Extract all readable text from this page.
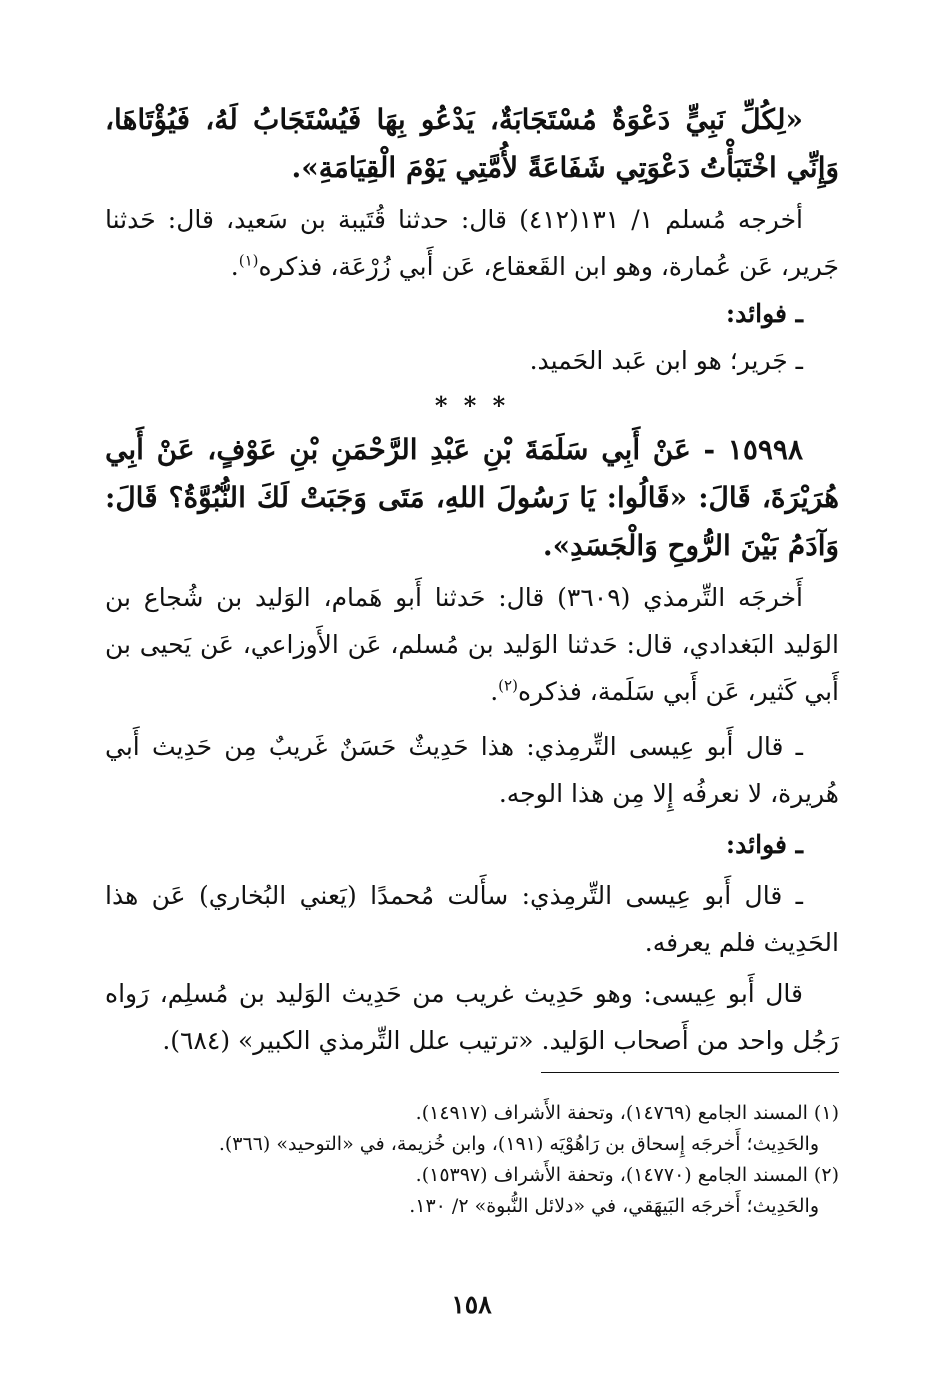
«لِكُلِّ نَبِيٍّ دَعْوَةٌ مُسْتَجَابَةٌ، يَدْعُو بِهَا فَيُسْتَجَابُ لَهُ، فَيُؤْتَاهَا، وَإِنِّي اخْتَبَأْتُ دَعْوَتِي شَفَاعَةً لأُمَّتِي يَوْمَ الْقِيَامَةِ».

أخرجه مُسلم ١/ ١٣١(٤١٢) قال: حدثنا قُتَيبة بن سَعيد، قال: حَدثنا جَرير، عَن عُمارة، وهو ابن القَعقاع، عَن أَبي زُرْعَة، فذكره$^{(١)}$.

ـ فوائد:

ـ جَرير؛ هو ابن عَبد الحَميد.

* * *

١٥٩٩٨ - عَنْ أَبِي سَلَمَةَ بْنِ عَبْدِ الرَّحْمَنِ بْنِ عَوْفٍ، عَنْ أَبِي هُرَيْرَةَ، قَالَ: «قَالُوا: يَا رَسُولَ اللهِ، مَتَى وَجَبَتْ لَكَ النُّبُوَّةُ؟ قَالَ: وَآدَمُ بَيْنَ الرُّوحِ وَالْجَسَدِ».

أَخرجَه التِّرمذي (٣٦٠٩) قال: حَدثنا أَبو هَمام، الوَليد بن شُجاع بن الوَليد البَغدادي، قال: حَدثنا الوَليد بن مُسلم، عَن الأَوزاعي، عَن يَحيى بن أَبي كَثير، عَن أَبي سَلَمة، فذكره$^{(٢)}$.

ـ قال أَبو عِيسى التِّرمِذي: هذا حَدِيثٌ حَسَنٌ غَريبٌ مِن حَدِيث أَبي هُريرة، لا نعرفُه إِلا مِن هذا الوجه.

ـ فوائد:

ـ قال أَبو عِيسى التِّرمِذي: سأَلت مُحمدًا (يَعني البُخاري) عَن هذا الحَدِيث فلم يعرفه.

قال أَبو عِيسى: وهو حَدِيث غريب من حَدِيث الوَليد بن مُسلِم، رَواه رَجُل واحد من أَصحاب الوَليد. «ترتيب علل التِّرمذي الكبير» (٦٨٤).

(١) المسند الجامع (١٤٧٦٩)، وتحفة الأَشراف (١٤٩١٧).

والحَدِيث؛ أَخرجَه إِسحاق بن رَاهُوْيَه (١٩١)، وابن خُزيمة، في «التوحيد» (٣٦٦).

(٢) المسند الجامع (١٤٧٧٠)، وتحفة الأَشراف (١٥٣٩٧).

والحَدِيث؛ أَخرجَه البَيهَقي، في «دلائل النُّبوة» ٢/ ١٣٠.

١٥٨
